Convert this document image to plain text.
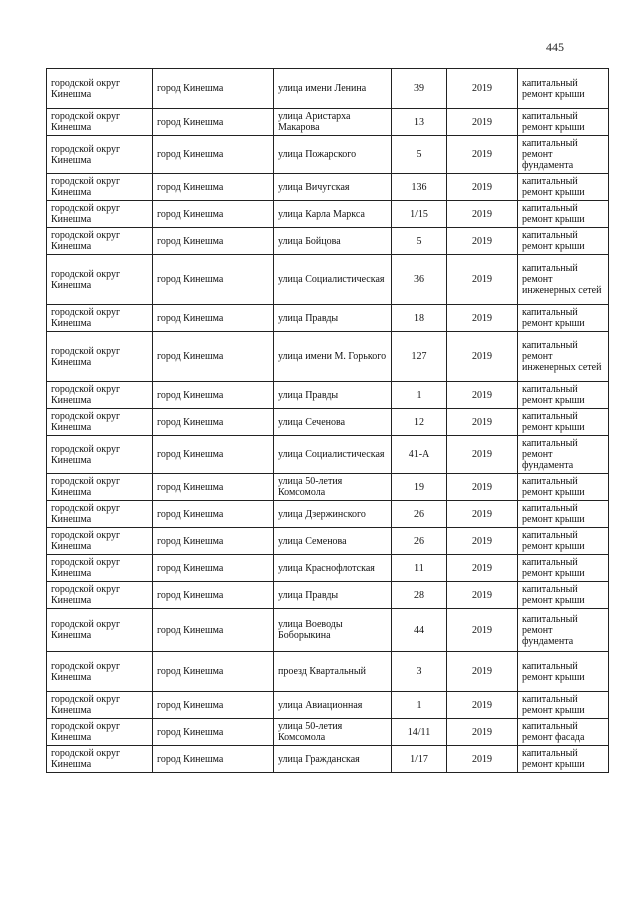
445
городской округ Кинешма	город Кинешма	улица имени Ленина	39	2019	капитальный ремонт крыши
городской округ Кинешма	город Кинешма	улица Аристарха Макарова	13	2019	капитальный ремонт крыши
городской округ Кинешма	город Кинешма	улица Пожарского	5	2019	капитальный ремонт фундамента
городской округ Кинешма	город Кинешма	улица Вичугская	136	2019	капитальный ремонт крыши
городской округ Кинешма	город Кинешма	улица Карла Маркса	1/15	2019	капитальный ремонт крыши
городской округ Кинешма	город Кинешма	улица Бойцова	5	2019	капитальный ремонт крыши
городской округ Кинешма	город Кинешма	улица Социалистическая	36	2019	капитальный ремонт инженерных сетей
городской округ Кинешма	город Кинешма	улица Правды	18	2019	капитальный ремонт крыши
городской округ Кинешма	город Кинешма	улица имени М. Горького	127	2019	капитальный ремонт инженерных сетей
городской округ Кинешма	город Кинешма	улица Правды	1	2019	капитальный ремонт крыши
городской округ Кинешма	город Кинешма	улица Сеченова	12	2019	капитальный ремонт крыши
городской округ Кинешма	город Кинешма	улица Социалистическая	41-А	2019	капитальный ремонт фундамента
городской округ Кинешма	город Кинешма	улица 50-летия Комсомола	19	2019	капитальный ремонт крыши
городской округ Кинешма	город Кинешма	улица Дзержинского	26	2019	капитальный ремонт крыши
городской округ Кинешма	город Кинешма	улица Семенова	26	2019	капитальный ремонт крыши
городской округ Кинешма	город Кинешма	улица Краснофлотская	11	2019	капитальный ремонт крыши
городской округ Кинешма	город Кинешма	улица Правды	28	2019	капитальный ремонт крыши
городской округ Кинешма	город Кинешма	улица Воеводы Боборыкина	44	2019	капитальный ремонт фундамента
городской округ Кинешма	город Кинешма	проезд Квартальный	3	2019	капитальный ремонт крыши
городской округ Кинешма	город Кинешма	улица Авиационная	1	2019	капитальный ремонт крыши
городской округ Кинешма	город Кинешма	улица 50-летия Комсомола	14/11	2019	капитальный ремонт фасада
городской округ Кинешма	город Кинешма	улица Гражданская	1/17	2019	капитальный ремонт крыши
